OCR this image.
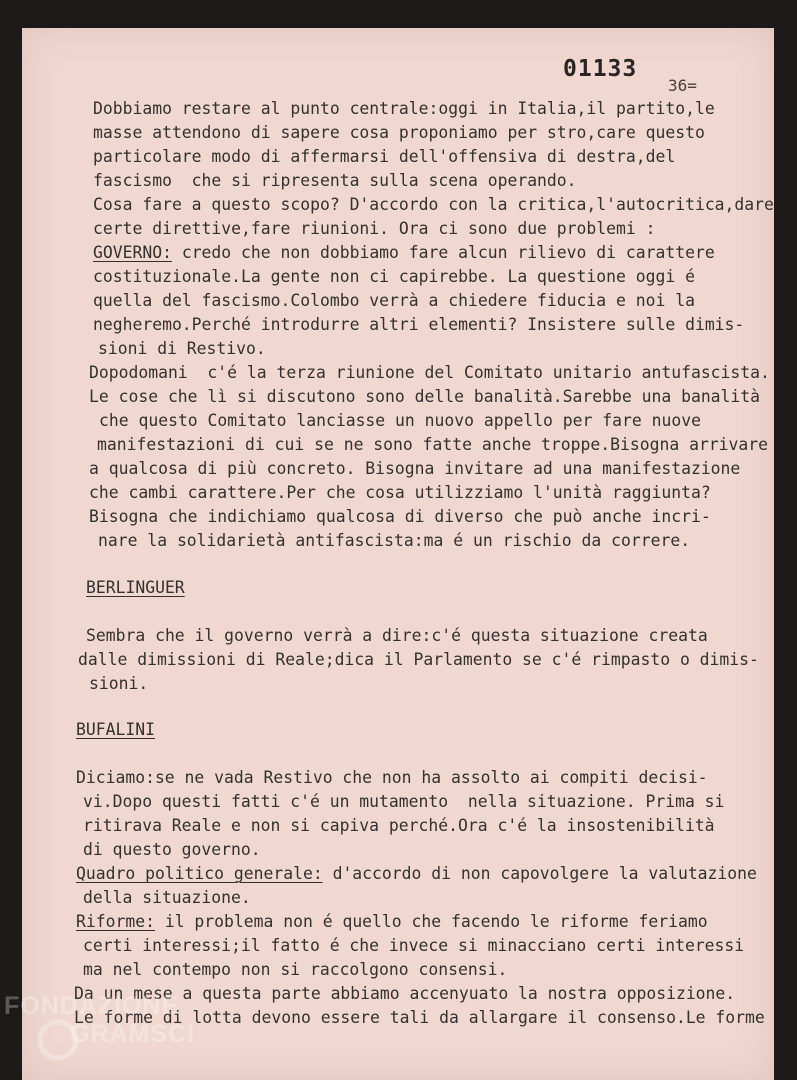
01133
36=
Dobbiamo restare al punto centrale:oggi in Italia,il partito,le
masse attendono di sapere cosa proponiamo per stro,care questo
particolare modo di affermarsi dell'offensiva di destra,del
fascismo  che si ripresenta sulla scena operando.
Cosa fare a questo scopo? D'accordo con la critica,l'autocritica,dare
certe direttive,fare riunioni. Ora ci sono due problemi :
GOVERNO: credo che non dobbiamo fare alcun rilievo di carattere
costituzionale.La gente non ci capirebbe. La questione oggi é
quella del fascismo.Colombo verrà a chiedere fiducia e noi la
negheremo.Perché introdurre altri elementi? Insistere sulle dimis-
sioni di Restivo.
Dopodomani  c'é la terza riunione del Comitato unitario antufascista.
Le cose che lì si discutono sono delle banalità.Sarebbe una banalità
che questo Comitato lanciasse un nuovo appello per fare nuove
manifestazioni di cui se ne sono fatte anche troppe.Bisogna arrivare
a qualcosa di più concreto. Bisogna invitare ad una manifestazione
che cambi carattere.Per che cosa utilizziamo l'unità raggiunta?
Bisogna che indichiamo qualcosa di diverso che può anche incri-
nare la solidarietà antifascista:ma é un rischio da correre.
BERLINGUER
Sembra che il governo verrà a dire:c'é questa situazione creata
dalle dimissioni di Reale;dica il Parlamento se c'é rimpasto o dimis-
sioni.
BUFALINI
Diciamo:se ne vada Restivo che non ha assolto ai compiti decisi-
vi.Dopo questi fatti c'é un mutamento  nella situazione. Prima si
ritirava Reale e non si capiva perché.Ora c'é la insostenibilità
di questo governo.
Quadro politico generale: d'accordo di non capovolgere la valutazione
della situazione.
Riforme: il problema non é quello che facendo le riforme feriamo
certi interessi;il fatto é che invece si minacciano certi interessi
ma nel contempo non si raccolgono consensi.
Da un mese a questa parte abbiamo accenyuato la nostra opposizione.
Le forme di lotta devono essere tali da allargare il consenso.Le forme
FONDAZIONE
GRAMSCI
